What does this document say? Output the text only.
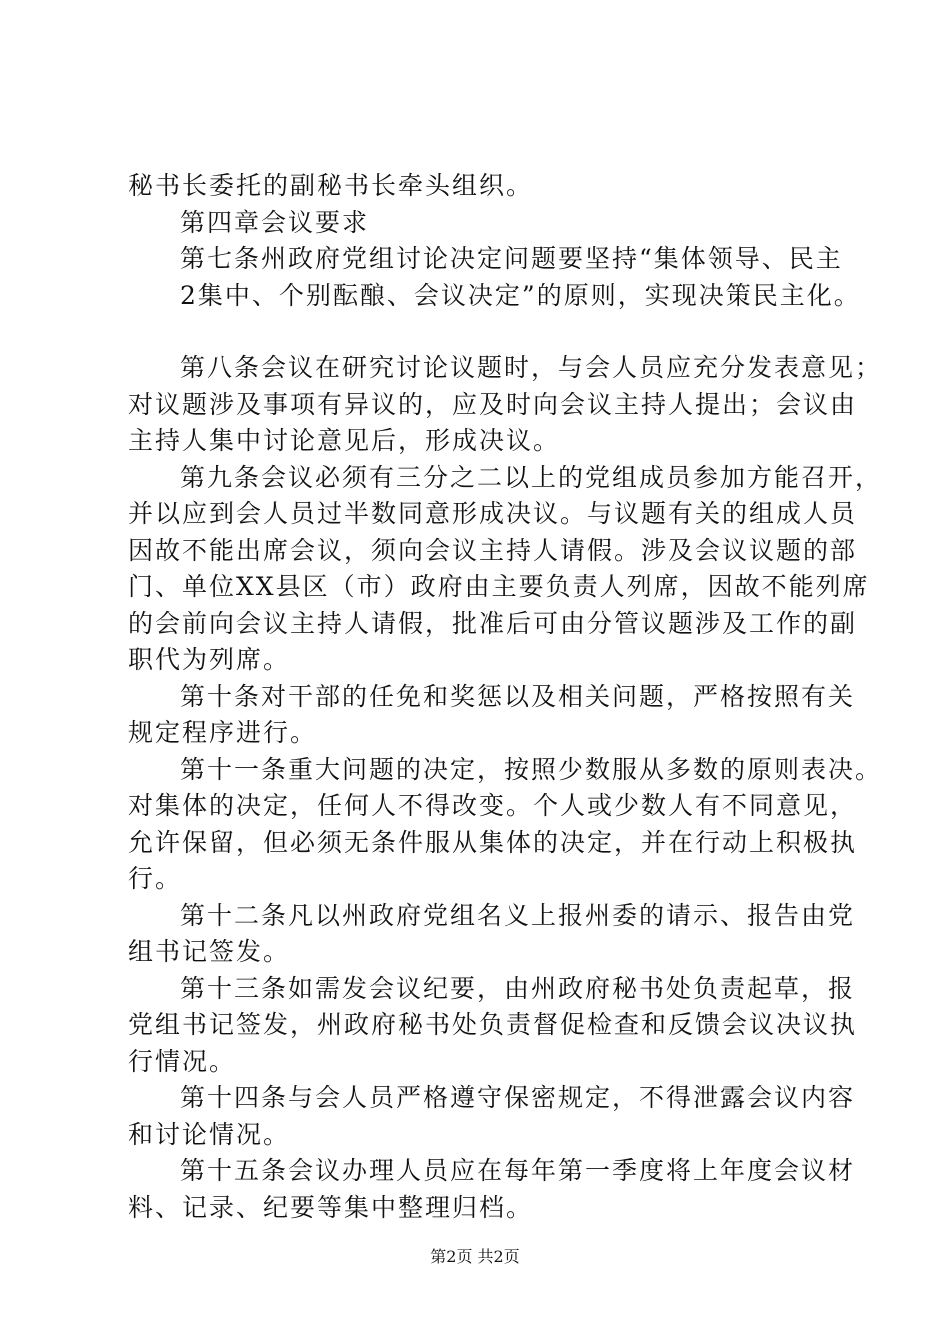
秘书长委托的副秘书长牵头组织。
第四章会议要求
第七条州政府党组讨论决定问题要坚持“集体领导、民主
2集中、个别酝酿、会议决定”的原则，实现决策民主化。
第八条会议在研究讨论议题时，与会人员应充分发表意见；
对议题涉及事项有异议的，应及时向会议主持人提出；会议由
主持人集中讨论意见后，形成决议。
第九条会议必须有三分之二以上的党组成员参加方能召开，
并以应到会人员过半数同意形成决议。与议题有关的组成人员
因故不能出席会议，须向会议主持人请假。涉及会议议题的部
门、单位XX县区（市）政府由主要负责人列席，因故不能列席
的会前向会议主持人请假，批准后可由分管议题涉及工作的副
职代为列席。
第十条对干部的任免和奖惩以及相关问题，严格按照有关
规定程序进行。
第十一条重大问题的决定，按照少数服从多数的原则表决。
对集体的决定，任何人不得改变。个人或少数人有不同意见，
允许保留，但必须无条件服从集体的决定，并在行动上积极执
行。
第十二条凡以州政府党组名义上报州委的请示、报告由党
组书记签发。
第十三条如需发会议纪要，由州政府秘书处负责起草，报
党组书记签发，州政府秘书处负责督促检查和反馈会议决议执
行情况。
第十四条与会人员严格遵守保密规定，不得泄露会议内容
和讨论情况。
第十五条会议办理人员应在每年第一季度将上年度会议材
料、记录、纪要等集中整理归档。
第2页 共2页
